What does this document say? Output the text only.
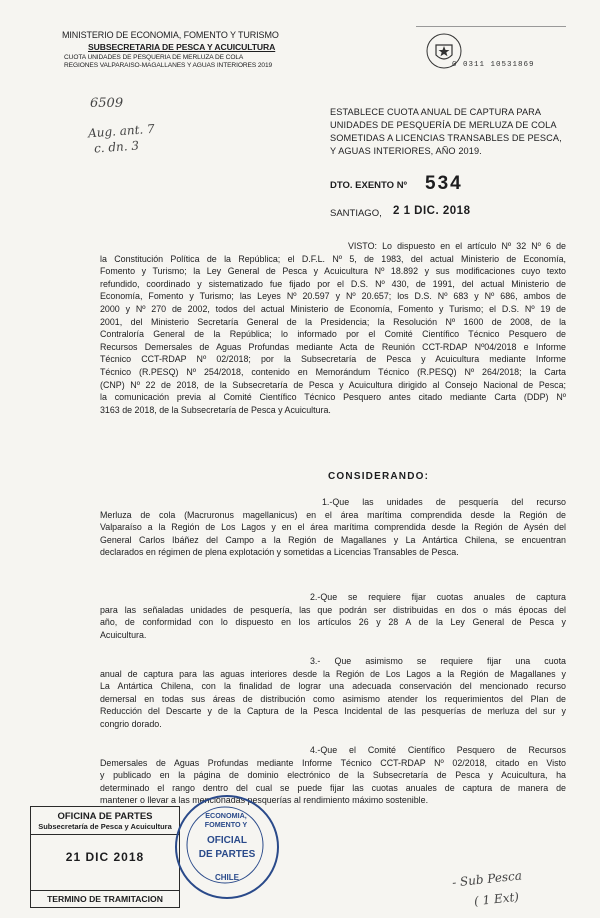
MINISTERIO DE ECONOMIA, FOMENTO Y TURISMO
SUBSECRETARIA DE PESCA Y ACUICULTURA
CUOTA UNIDADES DE PESQUERIA DE MERLUZA DE COLA
REGIONES VALPARAISO-MAGALLANES Y AGUAS INTERIORES 2019	0 0311 10531869
6509
Aug. ant. 7
c. dn. 3
ESTABLECE CUOTA ANUAL DE CAPTURA PARA
UNIDADES DE PESQUERÍA DE MERLUZA DE COLA
SOMETIDAS A LICENCIAS TRANSABLES DE PESCA,
Y AGUAS INTERIORES, AÑO 2019.
DTO. EXENTO Nº 534
SANTIAGO, 2 1 DIC. 2018
VISTO: Lo dispuesto en el artículo Nº 32 Nº 6 de
la Constitución Política de la República; el D.F.L. Nº 5, de 1983, del actual Ministerio de Economía,
Fomento y Turismo; la Ley General de Pesca y Acuicultura Nº 18.892 y sus modificaciones cuyo texto
refundido, coordinado y sistematizado fue fijado por el D.S. Nº 430, de 1991, del actual Ministerio de
Economía, Fomento y Turismo; las Leyes Nº 20.597 y Nº 20.657; los D.S. Nº 683 y Nº 686, ambos de
2000 y Nº 270 de 2002, todos del actual Ministerio de Economía, Fomento y Turismo; el D.S. Nº 19 de
2001, del Ministerio Secretaría General de la Presidencia; la Resolución Nº 1600 de 2008, de la
Contraloría General de la República; lo informado por el Comité Científico Técnico Pesquero de
Recursos Demersales de Aguas Profundas mediante Acta de Reunión CCT-RDAP Nº04/2018 e Informe
Técnico CCT-RDAP Nº 02/2018; por la Subsecretaría de Pesca y Acuicultura mediante Informe
Técnico (R.PESQ) Nº 254/2018, contenido en Memorándum Técnico (R.PESQ) Nº 264/2018; la Carta
(CNP) Nº 22 de 2018, de la Subsecretaría de Pesca y Acuicultura dirigido al Consejo Nacional de Pesca;
la comunicación previa al Comité Científico Técnico Pesquero antes citado mediante Carta (DDP) Nº
3163 de 2018, de la Subsecretaría de Pesca y Acuicultura.
CONSIDERANDO:
1.-Que las unidades de pesquería del recurso
Merluza de cola (Macruronus magellanicus) en el área marítima comprendida desde la Región de
Valparaíso a la Región de Los Lagos y en el área marítima comprendida desde la Región de Aysén del
General Carlos Ibáñez del Campo a la Región de Magallanes y La Antártica Chilena, se encuentran
declarados en régimen de plena explotación y sometidas a Licencias Transables de Pesca.
2.-Que se requiere fijar cuotas anuales de captura
para las señaladas unidades de pesquería, las que podrán ser distribuidas en dos o más épocas del
año, de conformidad con lo dispuesto en los artículos 26 y 28 A de la Ley General de Pesca y
Acuicultura.
3.- Que asimismo se requiere fijar una cuota
anual de captura para las aguas interiores desde la Región de Los Lagos a la Región de Magallanes y
La Antártica Chilena, con la finalidad de lograr una adecuada conservación del mencionado recurso
demersal en todas sus áreas de distribución como asimismo atender los requerimientos del Plan de
Reducción del Descarte y de la Captura de la Pesca Incidental de las pesquerías de merluza del sur y
congrio dorado.
4.-Que el Comité Científico Pesquero de Recursos
Demersales de Aguas Profundas mediante Informe Técnico CCT-RDAP Nº 02/2018, citado en Visto
y publicado en la página de dominio electrónico de la Subsecretaría de Pesca y Acuicultura, ha
determinado el rango dentro del cual se puede fijar las cuotas anuales de captura de manera de
mantener o llevar a las mencionadas pesquerías al rendimiento máximo sostenible.
OFICINA DE PARTES
Subsecretaría de Pesca y Acuicultura
21 DIC 2018
TERMINO DE TRAMITACION
ECONOMIA, FOMENTO Y
OFICIAL
DE PARTES
CHILE	- Sub Pesca
( 1 Ext)
